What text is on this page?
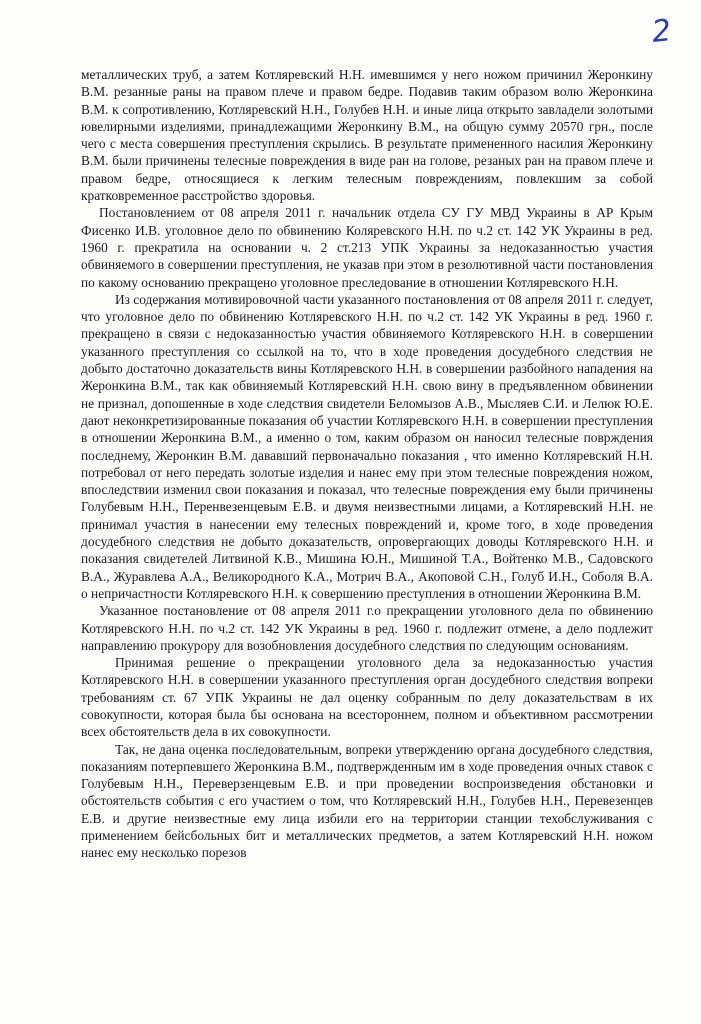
2

металлических труб, а затем Котляревский Н.Н. имевшимся у него ножом причинил Жеронкину В.М. резанные раны на правом плече и правом бедре. Подавив таким образом волю Жеронкина В.М. к сопротивлению, Котляревский Н.Н., Голубев Н.Н. и иные лица открыто завладели золотыми ювелирными изделиями, принадлежащими Жеронкину В.М., на общую сумму 20570 грн., после чего с места совершения преступления скрылись. В результате примененного насилия Жеронкину В.М. были причинены телесные повреждения в виде ран на голове, резаных ран на правом плече и правом бедре, относящиеся к легким телесным повреждениям, повлекшим за собой кратковременное расстройство здоровья.

Постановлением от 08 апреля 2011 г. начальник отдела СУ ГУ МВД Украины в АР Крым Фисенко И.В. уголовное дело по обвинению Коляревского Н.Н. по ч.2 ст. 142 УК Украины в ред. 1960 г. прекратила на основании ч. 2 ст.213 УПК Украины за недоказанностью участия обвиняемого в совершении преступления, не указав при этом в резолютивной части постановления по какому основанию прекращено уголовное преследование в отношении Котляревского Н.Н.

Из содержания мотивировочной части указанного постановления от 08 апреля 2011 г. следует, что уголовное дело по обвинению Котляревского Н.Н. по ч.2 ст. 142 УК Украины в ред. 1960 г. прекращено в связи с недоказанностью участия обвиняемого Котляревского Н.Н. в совершении указанного преступления со ссылкой на то, что в ходе проведения досудебного следствия не добыто достаточно доказательств вины Котляревского Н.Н. в совершении разбойного нападения на Жеронкина В.М., так как обвиняемый Котляревский Н.Н. свою вину в предъявленном обвинении не признал, допошенные в ходе следствия свидетели Беломызов А.В., Мысляев С.И. и Лелюк Ю.Е. дают неконкретизированные показания об участии Котляревского Н.Н. в совершении преступления в отношении Жеронкина В.М., а именно о том, каким образом он наносил телесные поврждения последнему, Жеронкин В.М. дававший первоначально показания , что именно Котляревский Н.Н. потребовал от него передать золотые изделия и нанес ему при этом телесные повреждения ножом, впоследствии изменил свои показания и показал, что телесные повреждения ему были причинены Голубевым Н.Н., Перенвезенцевым Е.В. и двумя неизвестными лицами, а Котляревский Н.Н. не принимал участия в нанесении ему телесных повреждений и, кроме того, в ходе проведения досудебного следствия не добыто доказательств, опровергающих доводы Котляревского Н.Н. и показания свидетелей Литвиной К.В., Мишина Ю.Н., Мишиной Т.А., Войтенко М.В., Садовского В.А., Журавлева А.А., Великородного К.А., Мотрич В.А., Акоповой С.Н., Голуб И.Н., Соболя В.А. о непричастности Котляревского Н.Н. к совершению преступления в отношении Жеронкина В.М.

Указанное постановление от 08 апреля 2011 г.о прекращении уголовного дела по обвинению Котляревского Н.Н. по ч.2 ст. 142 УК Украины в ред. 1960 г. подлежит отмене, а дело подлежит направлению прокурору для возобновления досудебного следствия по следующим основаниям.

Принимая решение о прекращении уголовного дела за недоказанностью участия Котляревского Н.Н. в совершении указанного преступления орган досудебного следствия вопреки требованиям ст. 67 УПК Украины не дал оценку собранным по делу доказательствам в их совокупности, которая была бы основана на всестороннем, полном и объективном рассмотрении всех обстоятельств дела в их совокупности.

Так, не дана оценка последовательным, вопреки утверждению органа досудебного следствия, показаниям потерпевшего Жеронкина В.М., подтвержденным им в ходе проведения очных ставок с Голубевым Н.Н., Переверзенцевым Е.В. и при проведении воспроизведения обстановки и обстоятельств события с его участием о том, что Котляревский Н.Н., Голубев Н.Н., Перевезенцев Е.В. и другие неизвестные ему лица избили его на территории станции техобслуживания с применением бейсбольных бит и металлических предметов, а затем Котляревский Н.Н. ножом нанес ему несколько порезов
